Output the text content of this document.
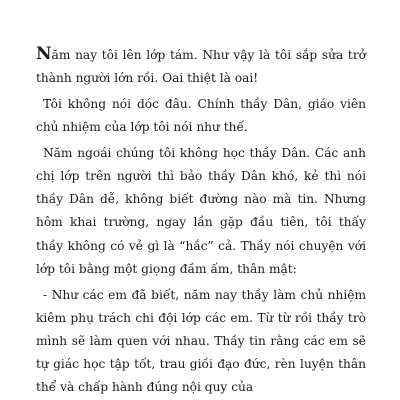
Năm nay tôi lên lớp tám. Như vậy là tôi sắp sửa trở thành người lớn rồi. Oai thiệt là oai!

Tôi không nói dóc đâu. Chính thầy Dân, giáo viên chủ nhiệm của lớp tôi nói như thế.

Năm ngoái chúng tôi không học thầy Dân. Các anh chị lớp trên người thì bảo thầy Dân khó, kẻ thì nói thầy Dân dễ, không biết đường nào mà tin. Nhưng hôm khai trường, ngay lần gặp đầu tiên, tôi thấy thầy không có vẻ gì là “hắc” cả. Thầy nói chuyện với lớp tôi bằng một giọng đầm ấm, thân mật:

- Như các em đã biết, năm nay thầy làm chủ nhiệm kiêm phụ trách chi đội lớp các em. Từ từ rồi thầy trò mình sẽ làm quen với nhau. Thầy tin rằng các em sẽ tự giác học tập tốt, trau giồi đạo đức, rèn luyện thân thể và chấp hành đúng nội quy của
